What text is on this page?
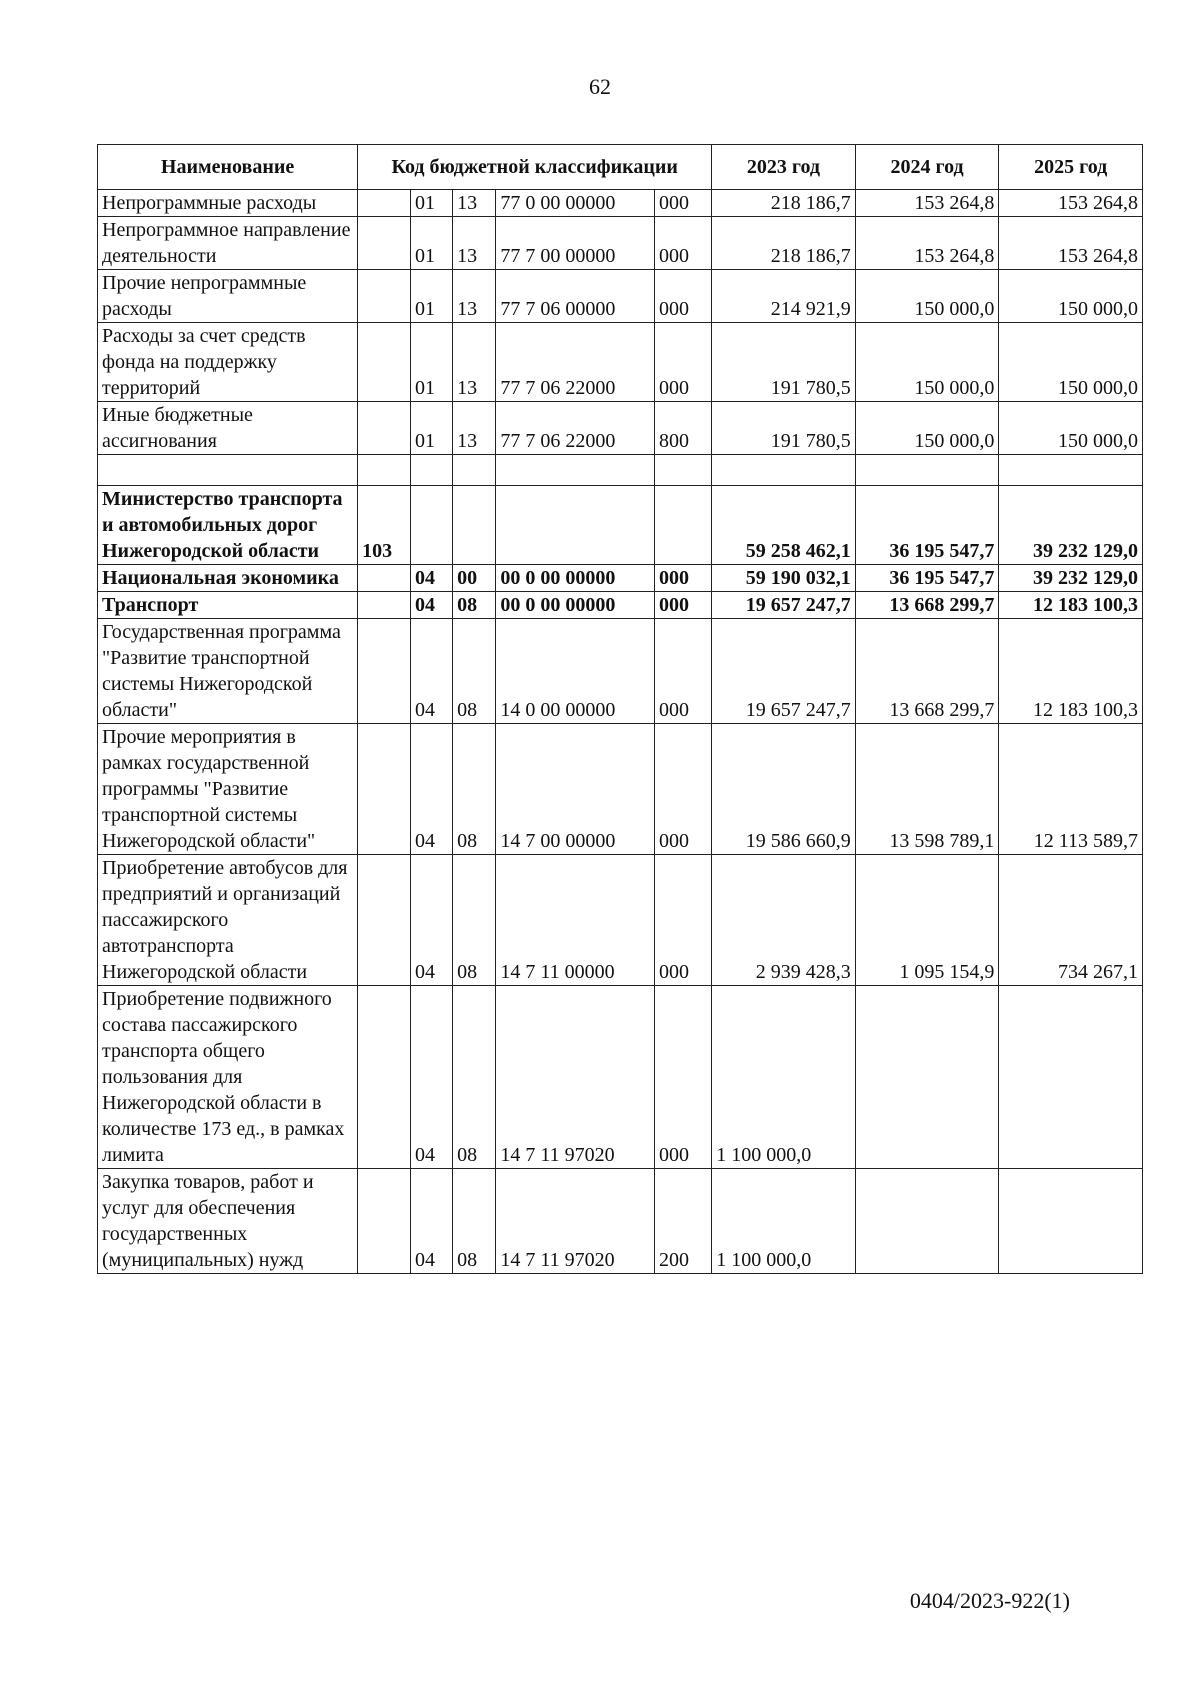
62
Наименование	Код бюджетной классификации					2023 год	2024 год	2025 год
Непрограммные расходы		01	13	77 0 00 00000	000	218 186,7	153 264,8	153 264,8
Непрограммное направление деятельности		01	13	77 7 00 00000	000	218 186,7	153 264,8	153 264,8
Прочие непрограммные расходы		01	13	77 7 06 00000	000	214 921,9	150 000,0	150 000,0
Расходы за счет средств фонда на поддержку территорий		01	13	77 7 06 22000	000	191 780,5	150 000,0	150 000,0
Иные бюджетные ассигнования		01	13	77 7 06 22000	800	191 780,5	150 000,0	150 000,0

Министерство транспорта и автомобильных дорог Нижегородской области	103					59 258 462,1	36 195 547,7	39 232 129,0
Национальная экономика		04	00	00 0 00 00000	000	59 190 032,1	36 195 547,7	39 232 129,0
Транспорт		04	08	00 0 00 00000	000	19 657 247,7	13 668 299,7	12 183 100,3
Государственная программа "Развитие транспортной системы Нижегородской области"		04	08	14 0 00 00000	000	19 657 247,7	13 668 299,7	12 183 100,3
Прочие мероприятия в рамках государственной программы "Развитие транспортной системы Нижегородской области"		04	08	14 7 00 00000	000	19 586 660,9	13 598 789,1	12 113 589,7
Приобретение автобусов для предприятий и организаций пассажирского автотранспорта Нижегородской области		04	08	14 7 11 00000	000	2 939 428,3	1 095 154,9	734 267,1
Приобретение подвижного состава пассажирского транспорта общего пользования для Нижегородской области в количестве 173 ед., в рамках лимита		04	08	14 7 11 97020	000	1 100 000,0		
Закупка товаров, работ и услуг для обеспечения государственных (муниципальных) нужд		04	08	14 7 11 97020	200	1 100 000,0		
0404/2023-922(1)
